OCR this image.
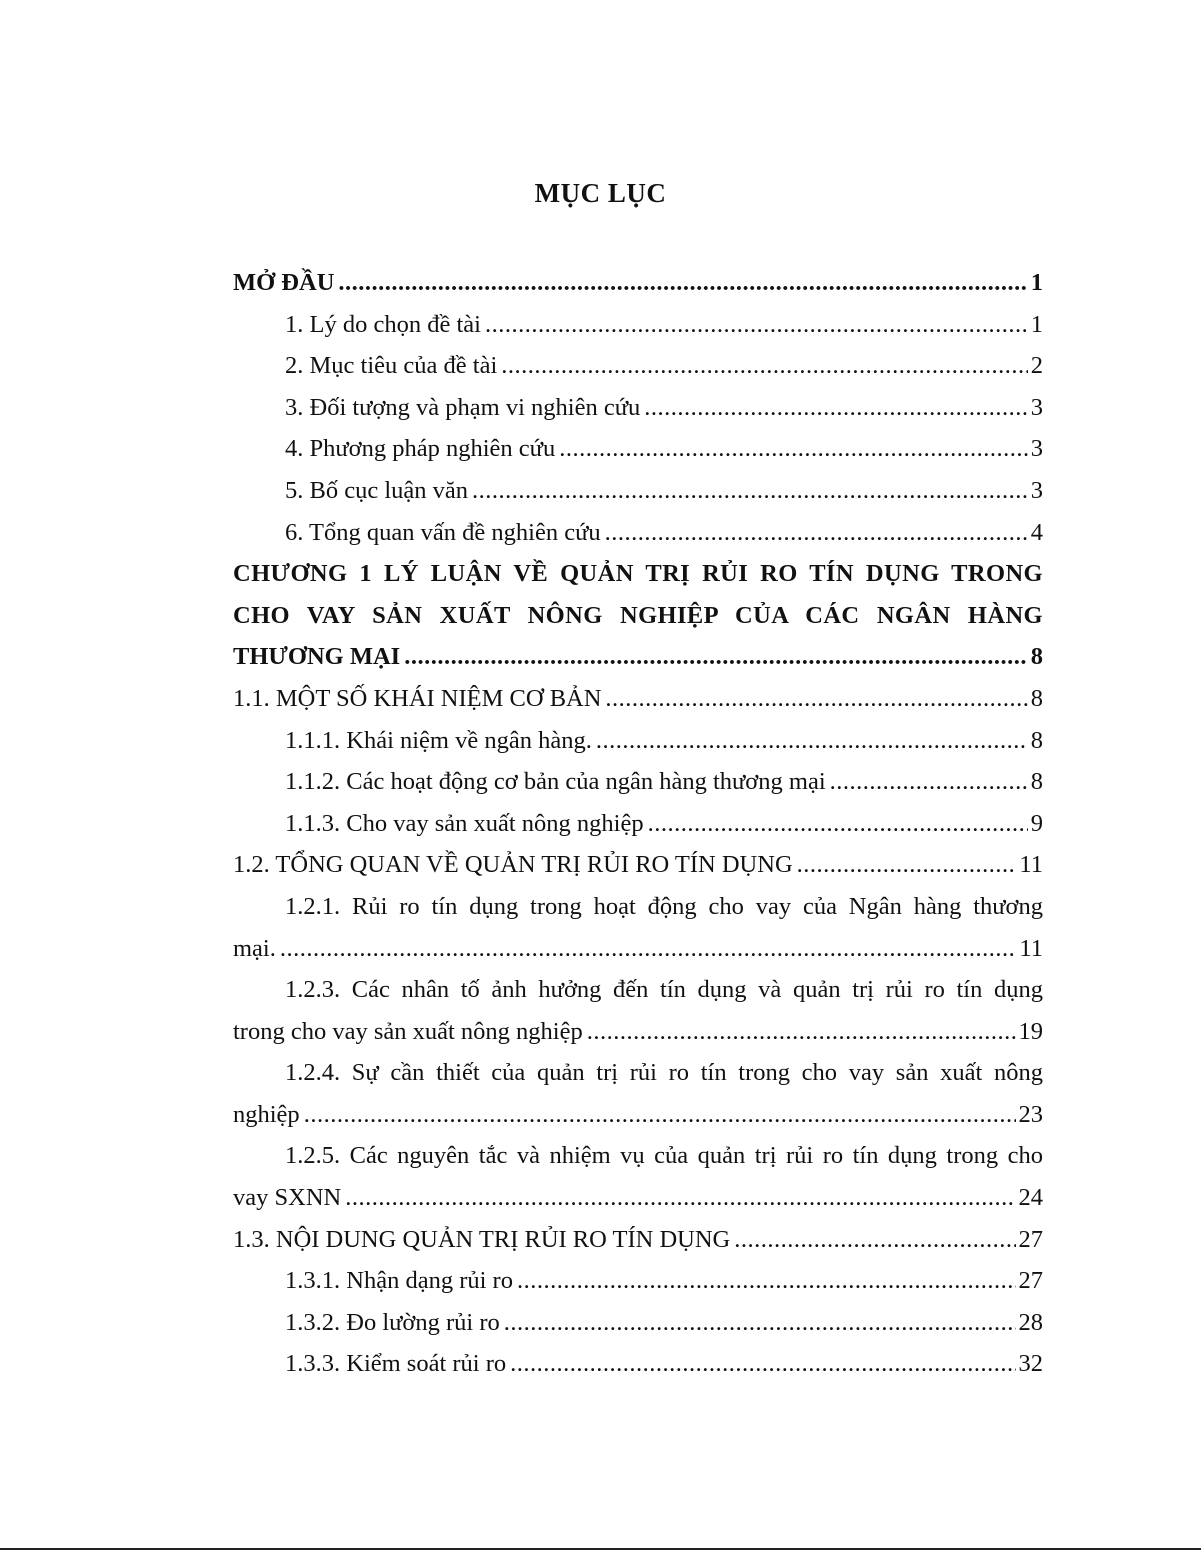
MỤC LỤC
MỞ ĐẦU .....	1
1. Lý do chọn đề tài .....	1
2. Mục tiêu của đề tài .....	2
3. Đối tượng và phạm vi nghiên cứu .....	3
4. Phương pháp nghiên cứu .....	3
5. Bố cục luận văn .....	3
6. Tổng quan vấn đề nghiên cứu .....	4
CHƯƠNG 1 LÝ LUẬN VỀ QUẢN TRỊ RỦI RO TÍN DỤNG TRONG
CHO VAY SẢN XUẤT NÔNG NGHIỆP CỦA CÁC NGÂN HÀNG
THƯƠNG MẠI .....	8
1.1. MỘT SỐ KHÁI NIỆM CƠ BẢN .....	8
1.1.1. Khái niệm về ngân hàng. .....	8
1.1.2. Các hoạt động cơ bản của ngân hàng thương mại .....	8
1.1.3. Cho vay sản xuất nông nghiệp .....	9
1.2. TỔNG QUAN VỀ QUẢN TRỊ RỦI RO TÍN DỤNG .....	11
1.2.1. Rủi ro tín dụng trong hoạt động cho vay của Ngân hàng thương
mại. .....	11
1.2.3. Các nhân tố ảnh hưởng đến tín dụng và quản trị rủi ro tín dụng
trong cho vay sản xuất nông nghiệp .....	19
1.2.4. Sự cần thiết của quản trị rủi ro tín trong cho vay sản xuất nông
nghiệp .....	23
1.2.5. Các nguyên tắc và nhiệm vụ của quản trị rủi ro tín dụng trong cho
vay SXNN .....	24
1.3. NỘI DUNG QUẢN TRỊ RỦI RO TÍN DỤNG .....	27
1.3.1. Nhận dạng rủi ro .....	27
1.3.2. Đo lường rủi ro .....	28
1.3.3. Kiểm soát rủi ro .....	32
